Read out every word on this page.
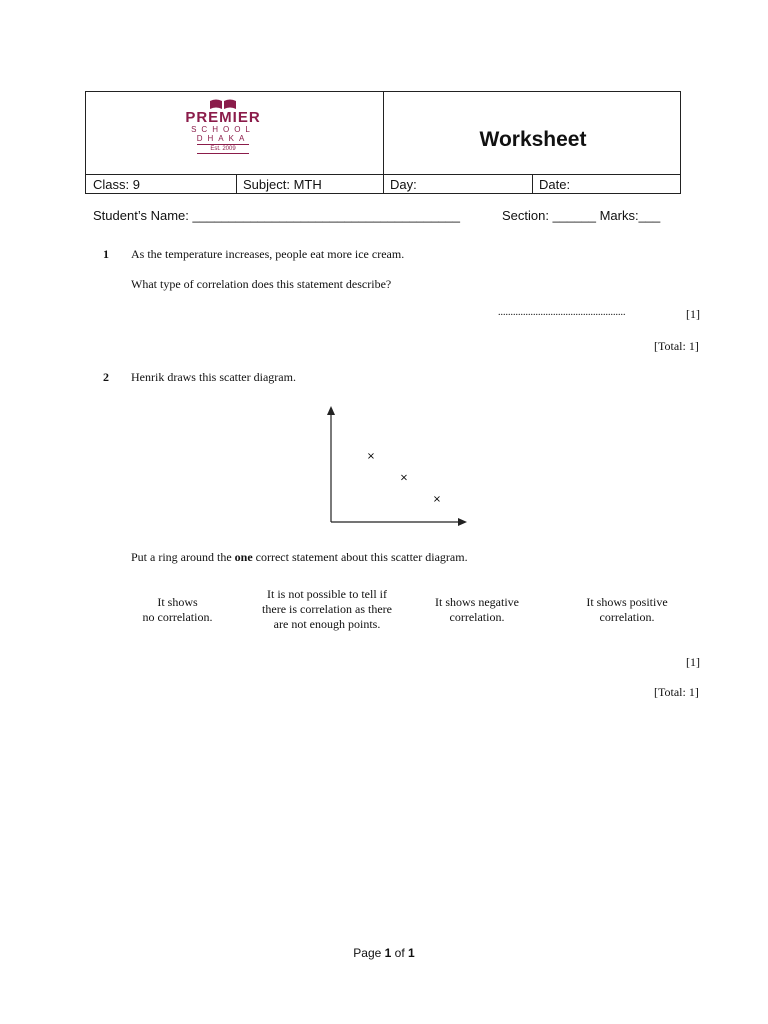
PREMIER
SCHOOL
DHAKA
Est. 2009
Class: 9	Subject: MTH	Day:	Date:
Worksheet
Student’s Name: _____________________________________	Section: ______ Marks:___
1 As the temperature increases, people eat more ice cream.
What type of correlation does this statement describe?
...................................................	[1]
[Total: 1]
2 Henrik draws this scatter diagram.
×
×
×
Put a ring around the one correct statement about this scatter diagram.
It shows
no correlation.
It is not possible to tell if
there is correlation as there
are not enough points.
It shows negative
correlation.
It shows positive
correlation.
[1]
[Total: 1]
Page 1 of 1
